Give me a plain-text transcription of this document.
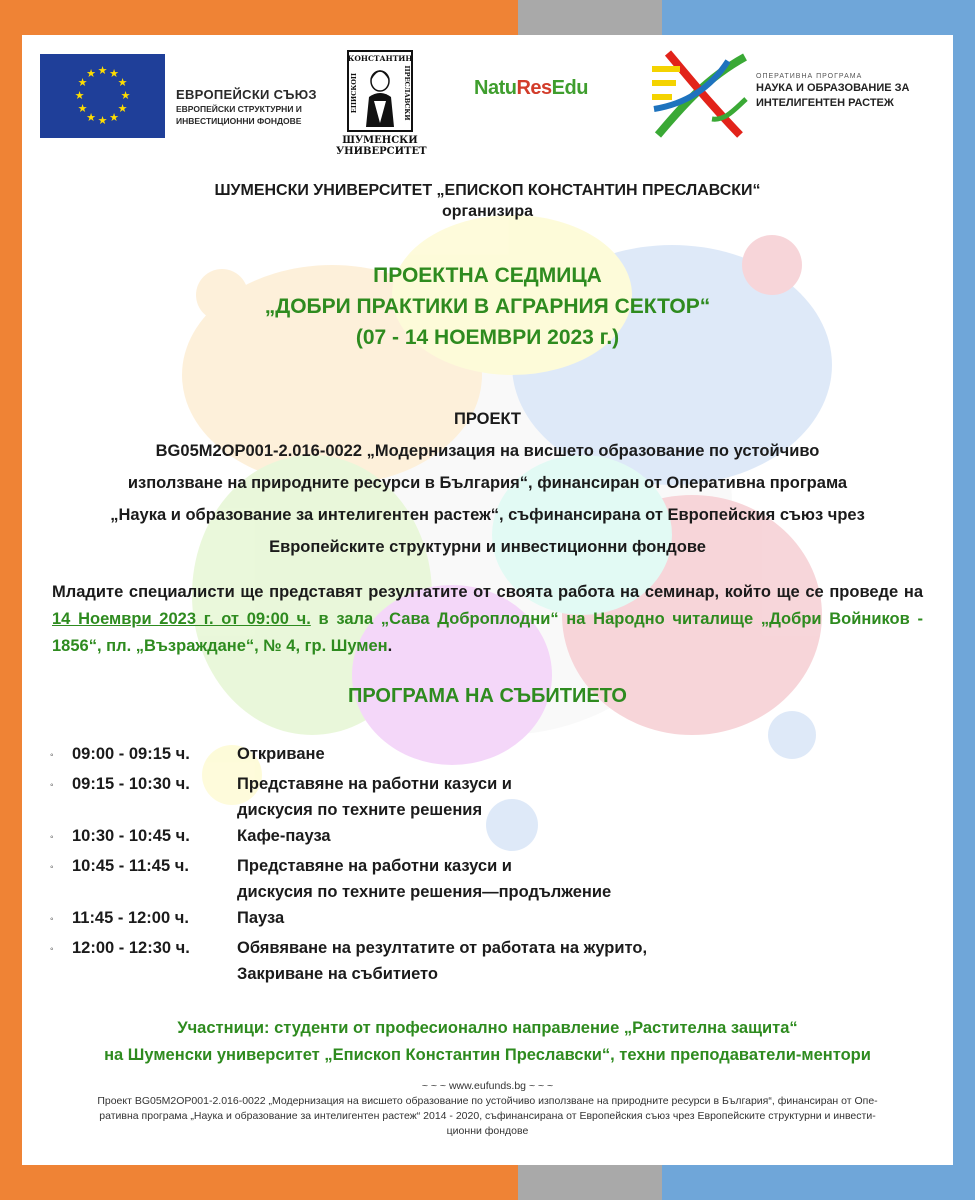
★ ★
★
★
★
★
★
★
★
★
★
★
ЕВРОПЕЙСКИ СЪЮЗ
ЕВРОПЕЙСКИ СТРУКТУРНИ И
ИНВЕСТИЦИОННИ ФОНДОВЕ
КОНСТАНТИН
ЕПИСКОП	ПРЕСЛАВСКИ
ШУМЕНСКИ
УНИВЕРСИТЕТ
NatuResEdu
ОПЕРАТИВНА ПРОГРАМА
НАУКА И ОБРАЗОВАНИЕ ЗА
ИНТЕЛИГЕНТЕН РАСТЕЖ
ШУМЕНСКИ УНИВЕРСИТЕТ „ЕПИСКОП КОНСТАНТИН ПРЕСЛАВСКИ“
организира
ПРОЕКТНА СЕДМИЦА
„ДОБРИ ПРАКТИКИ В АГРАРНИЯ СЕКТОР“
(07 - 14 НОЕМВРИ 2023 г.)
ПРОЕКТ
BG05M2OP001-2.016-0022 „Модернизация на висшето образование по устойчиво
използване на природните ресурси в България“, финансиран от Оперативна програма
„Наука и образование за интелигентен растеж“, съфинансирана от Европейския съюз чрез
Европейските структурни и инвестиционни фондове
Младите специалисти ще представят резултатите от своята работа на семинар, който ще се проведе на 14 Ноември 2023 г. от 09:00 ч. в зала „Сава Доброплодни“ на Народно читалище „Добри Войников - 1856“, пл. „Възраждане“, № 4, гр. Шумен.
ПРОГРАМА НА СЪБИТИЕТО
◦	09:00 - 09:15 ч.	Откриване
◦	09:15 - 10:30 ч.	Представяне на работни казуси и
дискусия по техните решения
◦	10:30 - 10:45 ч.	Кафе-пауза
◦	10:45 - 11:45 ч.	Представяне на работни казуси и
дискусия по техните решения—продължение
◦	11:45 - 12:00 ч.	Пауза
◦	12:00 - 12:30 ч.	Обявяване на резултатите от работата на журито,
Закриване на събитието
Участници: студенти от професионално направление „Растителна защита“
на Шуменски университет „Епископ Константин Преславски“, техни преподаватели-ментори
~ ~ ~ www.eufunds.bg ~ ~ ~
Проект BG05M2OP001-2.016-0022 „Модернизация на висшето образование по устойчиво използване на природните ресурси в България“, финансиран от Опе-
ративна програма „Наука и образование за интелигентен растеж“ 2014 - 2020, съфинансирана от Европейския съюз чрез Европейските структурни и инвести-
ционни фондове
